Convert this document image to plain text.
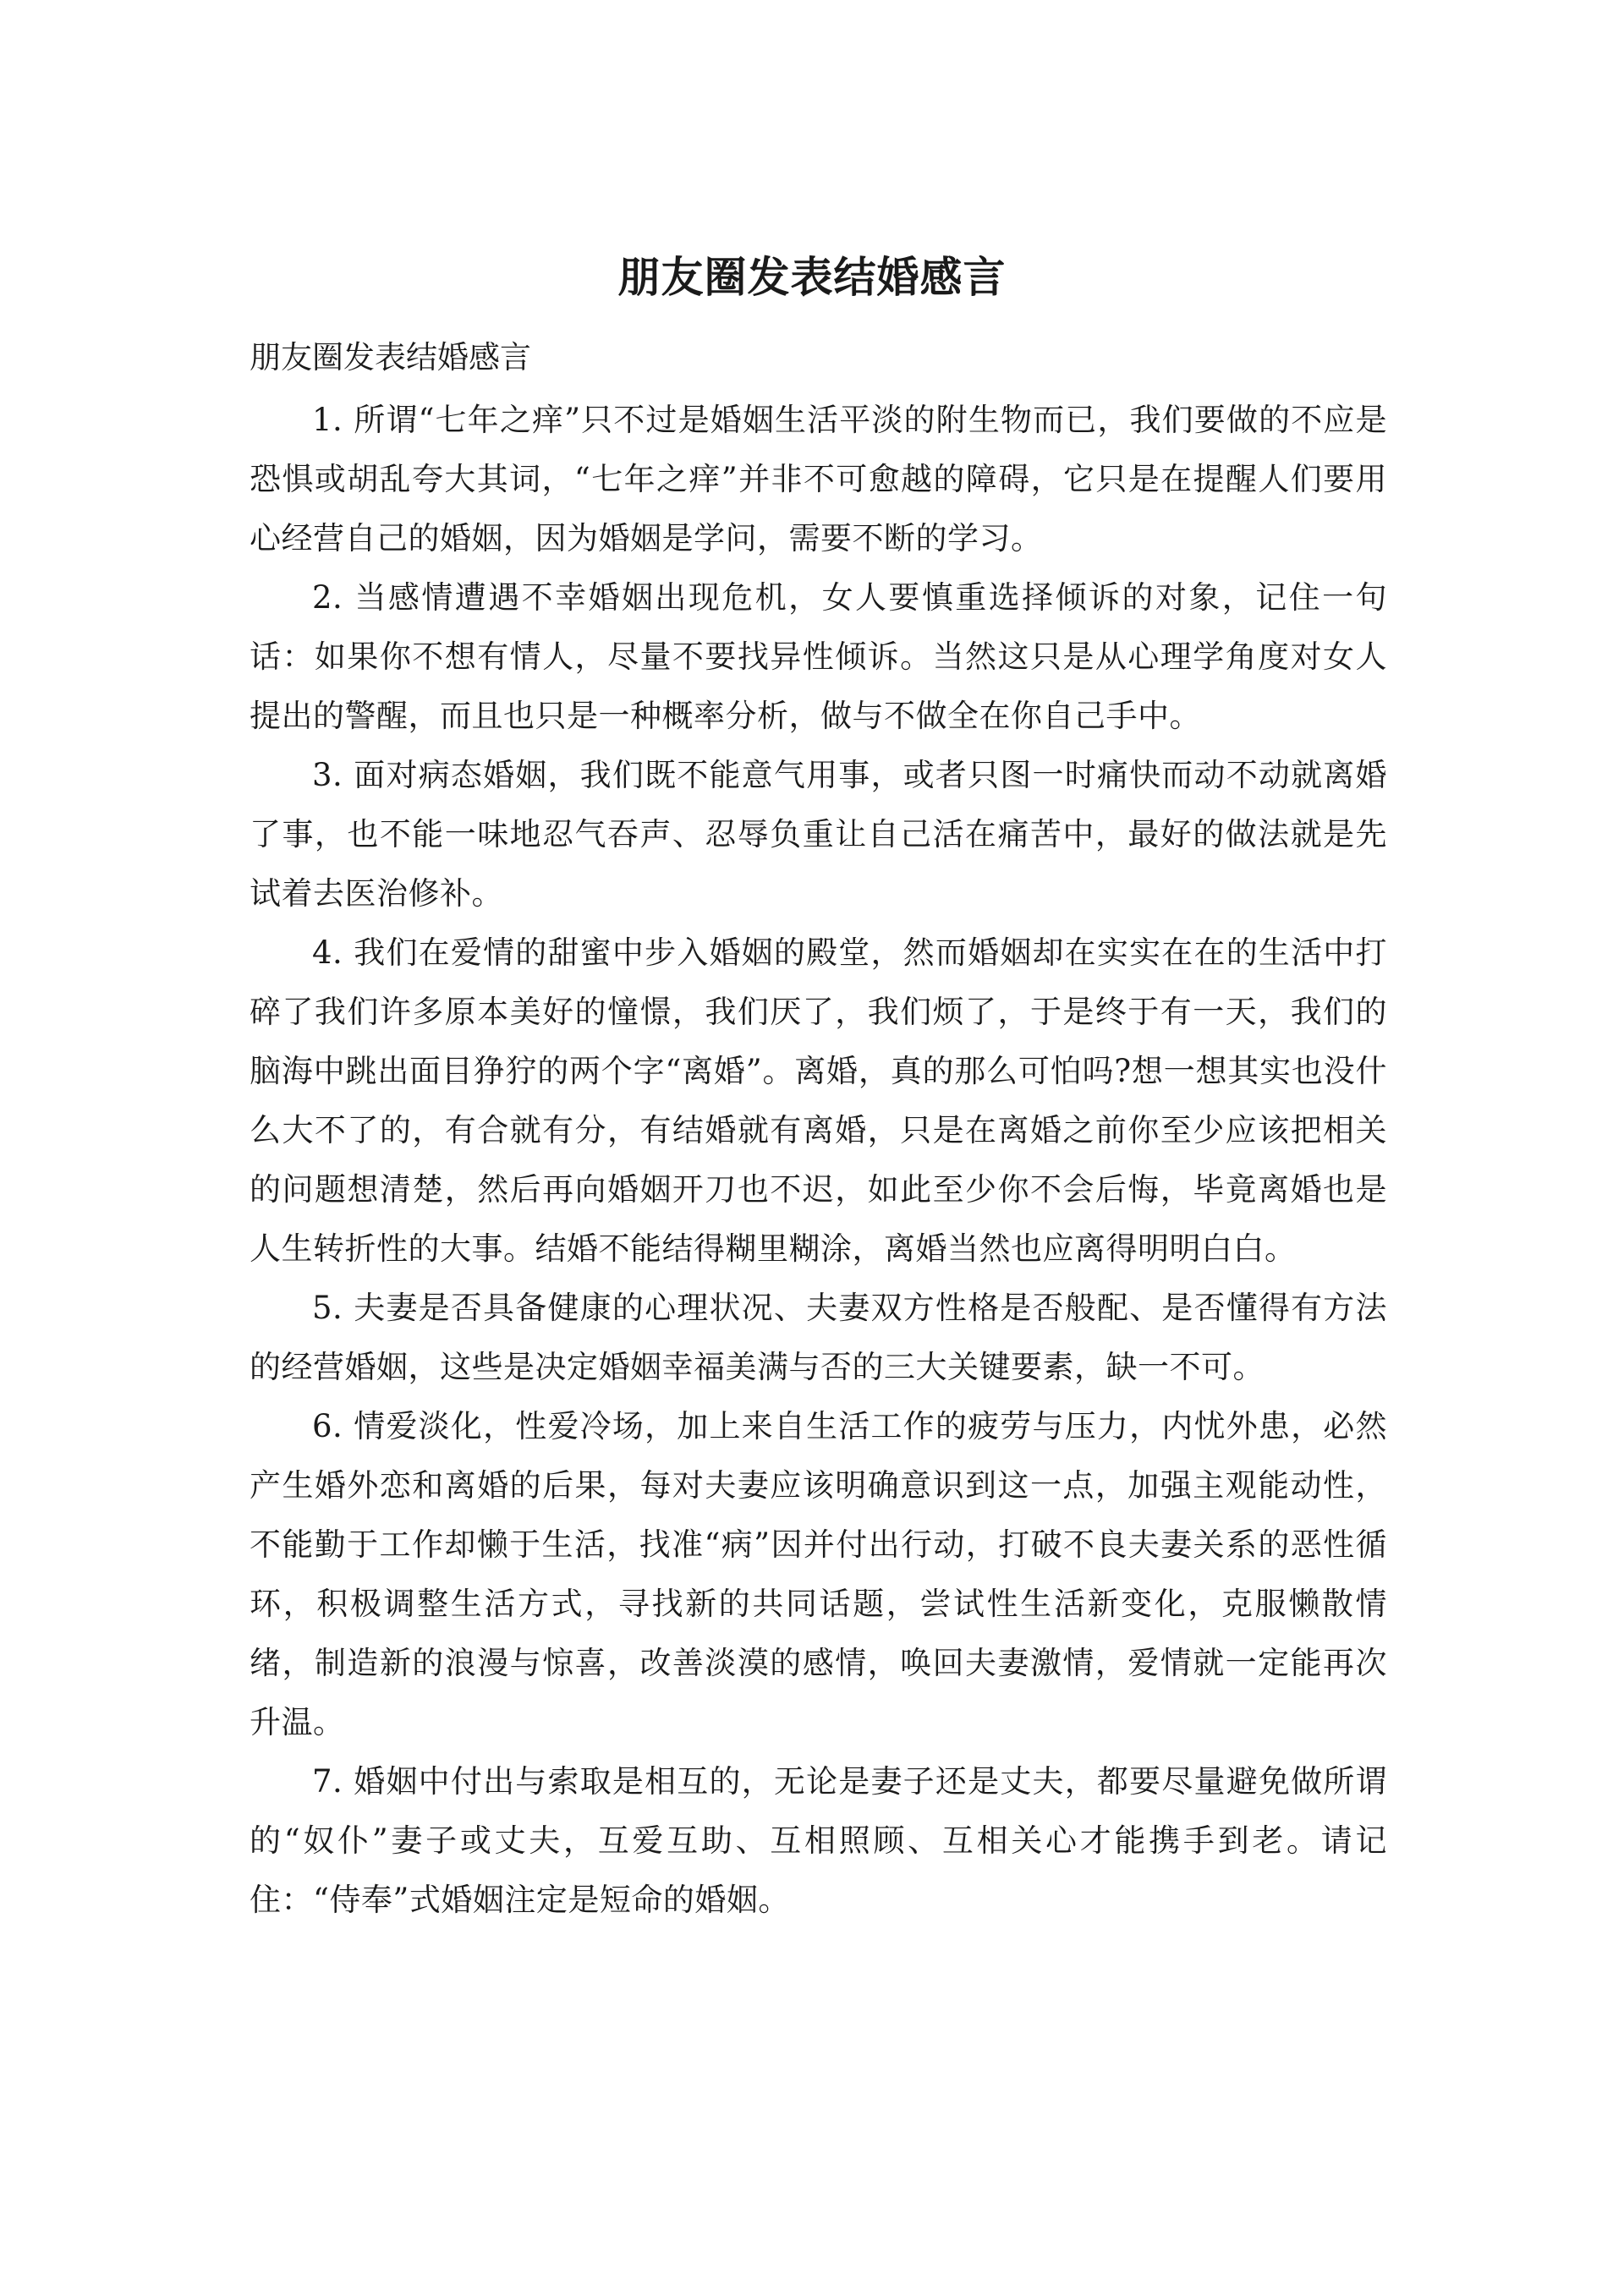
朋友圈发表结婚感言

朋友圈发表结婚感言

1. 所谓“七年之痒”只不过是婚姻生活平淡的附生物而已，我们要做的不应是恐惧或胡乱夸大其词，“七年之痒”并非不可愈越的障碍，它只是在提醒人们要用心经营自己的婚姻，因为婚姻是学问，需要不断的学习。

2. 当感情遭遇不幸婚姻出现危机，女人要慎重选择倾诉的对象，记住一句话：如果你不想有情人，尽量不要找异性倾诉。当然这只是从心理学角度对女人提出的警醒，而且也只是一种概率分析，做与不做全在你自己手中。

3. 面对病态婚姻，我们既不能意气用事，或者只图一时痛快而动不动就离婚了事，也不能一味地忍气吞声、忍辱负重让自己活在痛苦中，最好的做法就是先试着去医治修补。

4. 我们在爱情的甜蜜中步入婚姻的殿堂，然而婚姻却在实实在在的生活中打碎了我们许多原本美好的憧憬，我们厌了，我们烦了，于是终于有一天，我们的脑海中跳出面目狰狞的两个字“离婚”。离婚，真的那么可怕吗?想一想其实也没什么大不了的，有合就有分，有结婚就有离婚，只是在离婚之前你至少应该把相关的问题想清楚，然后再向婚姻开刀也不迟，如此至少你不会后悔，毕竟离婚也是人生转折性的大事。结婚不能结得糊里糊涂，离婚当然也应离得明明白白。

5. 夫妻是否具备健康的心理状况、夫妻双方性格是否般配、是否懂得有方法的经营婚姻，这些是决定婚姻幸福美满与否的三大关键要素，缺一不可。

6. 情爱淡化，性爱冷场，加上来自生活工作的疲劳与压力，内忧外患，必然产生婚外恋和离婚的后果，每对夫妻应该明确意识到这一点，加强主观能动性，不能勤于工作却懒于生活，找准“病”因并付出行动，打破不良夫妻关系的恶性循环，积极调整生活方式，寻找新的共同话题，尝试性生活新变化，克服懒散情绪，制造新的浪漫与惊喜，改善淡漠的感情，唤回夫妻激情，爱情就一定能再次升温。

7. 婚姻中付出与索取是相互的，无论是妻子还是丈夫，都要尽量避免做所谓的“奴仆”妻子或丈夫，互爱互助、互相照顾、互相关心才能携手到老。请记住：“侍奉”式婚姻注定是短命的婚姻。
